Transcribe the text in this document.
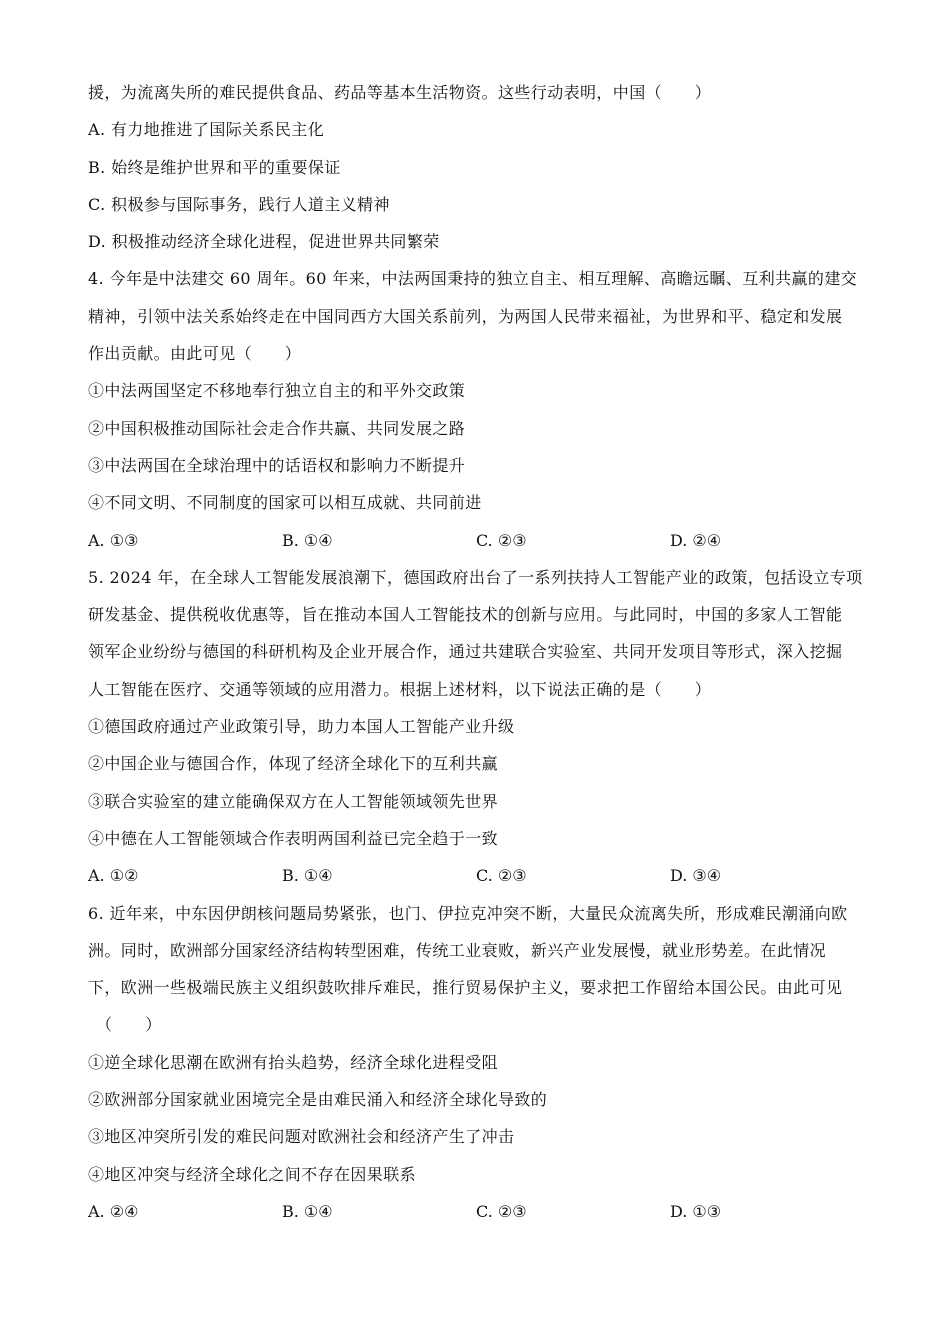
援，为流离失所的难民提供食品、药品等基本生活物资。这些行动表明，中国（　　）
A. 有力地推进了国际关系民主化
B. 始终是维护世界和平的重要保证
C. 积极参与国际事务，践行人道主义精神
D. 积极推动经济全球化进程，促进世界共同繁荣
4. 今年是中法建交 60 周年。60 年来，中法两国秉持的独立自主、相互理解、高瞻远瞩、互利共赢的建交
精神，引领中法关系始终走在中国同西方大国关系前列，为两国人民带来福祉，为世界和平、稳定和发展
作出贡献。由此可见（　　）
①中法两国坚定不移地奉行独立自主的和平外交政策
②中国积极推动国际社会走合作共赢、共同发展之路
③中法两国在全球治理中的话语权和影响力不断提升
④不同文明、不同制度的国家可以相互成就、共同前进
A. ①③	B. ①④	C. ②③	D. ②④
5. 2024 年，在全球人工智能发展浪潮下，德国政府出台了一系列扶持人工智能产业的政策，包括设立专项
研发基金、提供税收优惠等，旨在推动本国人工智能技术的创新与应用。与此同时，中国的多家人工智能
领军企业纷纷与德国的科研机构及企业开展合作，通过共建联合实验室、共同开发项目等形式，深入挖掘
人工智能在医疗、交通等领域的应用潜力。根据上述材料，以下说法正确的是（　　）
①德国政府通过产业政策引导，助力本国人工智能产业升级
②中国企业与德国合作，体现了经济全球化下的互利共赢
③联合实验室的建立能确保双方在人工智能领域领先世界
④中德在人工智能领域合作表明两国利益已完全趋于一致
A. ①②	B. ①④	C. ②③	D. ③④
6. 近年来，中东因伊朗核问题局势紧张，也门、伊拉克冲突不断，大量民众流离失所，形成难民潮涌向欧
洲。同时，欧洲部分国家经济结构转型困难，传统工业衰败，新兴产业发展慢，就业形势差。在此情况
下，欧洲一些极端民族主义组织鼓吹排斥难民，推行贸易保护主义，要求把工作留给本国公民。由此可见
（　　）
①逆全球化思潮在欧洲有抬头趋势，经济全球化进程受阻
②欧洲部分国家就业困境完全是由难民涌入和经济全球化导致的
③地区冲突所引发的难民问题对欧洲社会和经济产生了冲击
④地区冲突与经济全球化之间不存在因果联系
A. ②④	B. ①④	C. ②③	D. ①③
